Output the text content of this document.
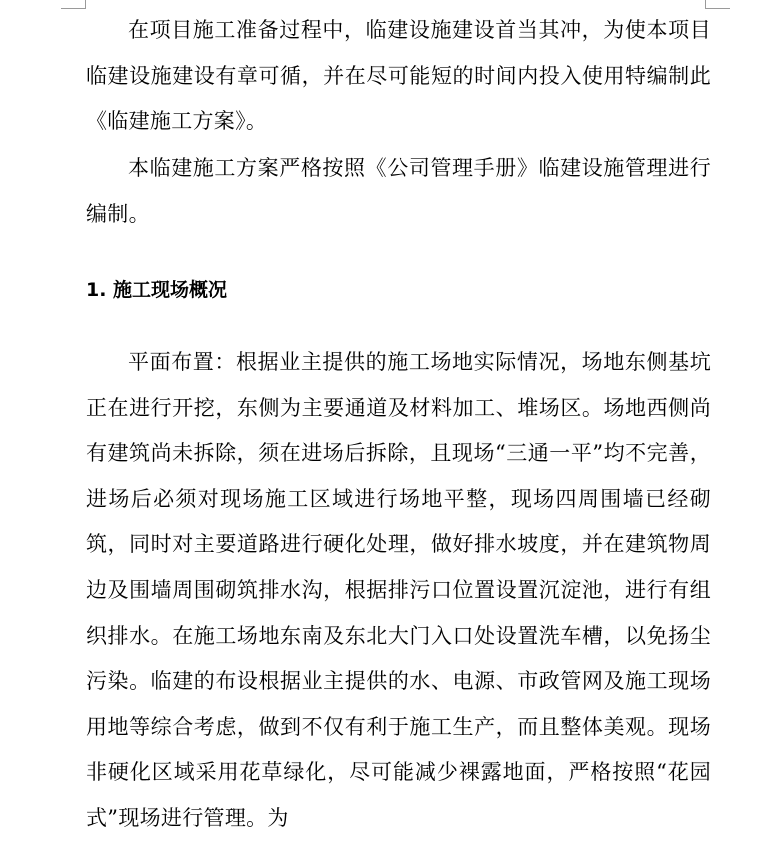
在项目施工准备过程中，临建设施建设首当其冲，为使本项目临建设施建设有章可循，并在尽可能短的时间内投入使用特编制此《临建施工方案》。

本临建施工方案严格按照《公司管理手册》临建设施管理进行编制。

1. 施工现场概况

平面布置：根据业主提供的施工场地实际情况，场地东侧基坑正在进行开挖，东侧为主要通道及材料加工、堆场区。场地西侧尚有建筑尚未拆除，须在进场后拆除，且现场“三通一平”均不完善，进场后必须对现场施工区域进行场地平整，现场四周围墙已经砌筑，同时对主要道路进行硬化处理，做好排水坡度，并在建筑物周边及围墙周围砌筑排水沟，根据排污口位置设置沉淀池，进行有组织排水。在施工场地东南及东北大门入口处设置洗车槽，以免扬尘污染。临建的布设根据业主提供的水、电源、市政管网及施工现场用地等综合考虑，做到不仅有利于施工生产，而且整体美观。现场非硬化区域采用花草绿化，尽可能减少裸露地面，严格按照“花园式”现场进行管理。为
